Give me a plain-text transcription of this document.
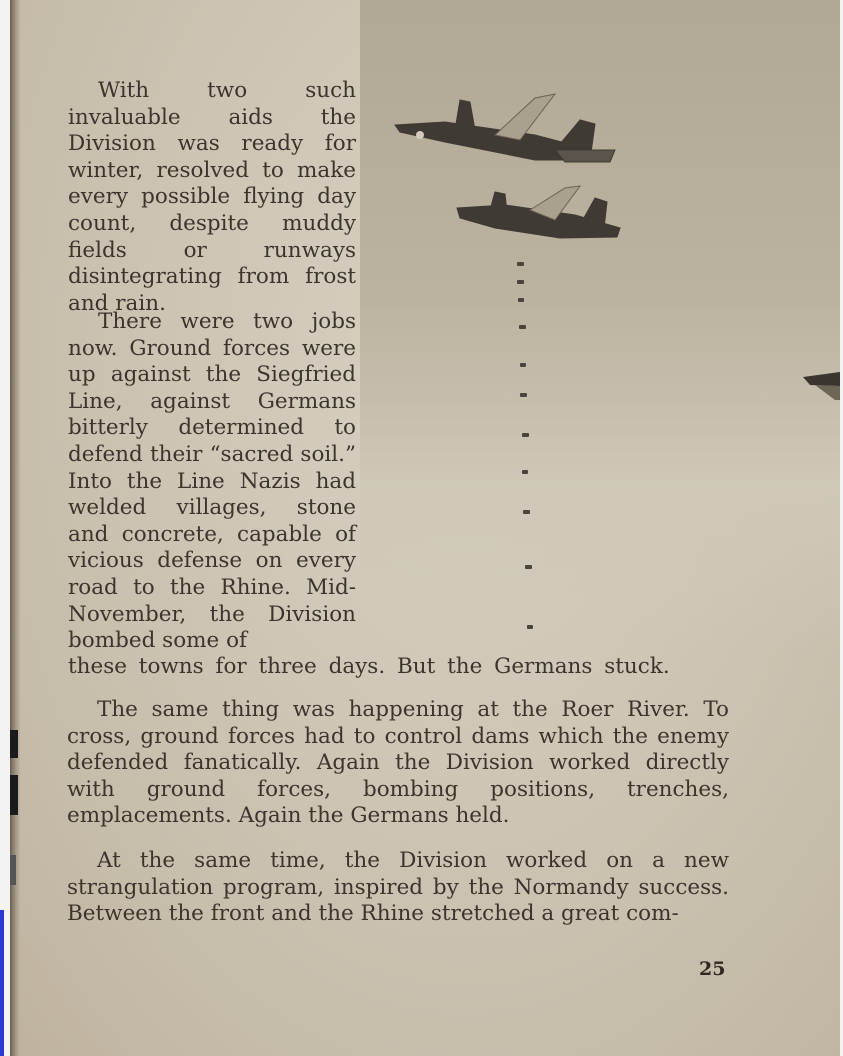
With two such invaluable aids the Division was ready for winter, resolved to make every possible flying day count, despite muddy fields or runways disintegrating from frost and rain.

There were two jobs now. Ground forces were up against the Siegfried Line, against Germans bitterly determined to defend their “sacred soil.” Into the Line Nazis had welded villages, stone and concrete, capable of vicious defense on every road to the Rhine. Mid-November, the Division bombed some of

these towns for three days. But the Germans stuck.

The same thing was happening at the Roer River. To cross, ground forces had to control dams which the enemy defended fanatically. Again the Division worked directly with ground forces, bombing positions, trenches, emplacements. Again the Germans held.

At the same time, the Division worked on a new strangulation program, inspired by the Normandy success. Between the front and the Rhine stretched a great com-

25
